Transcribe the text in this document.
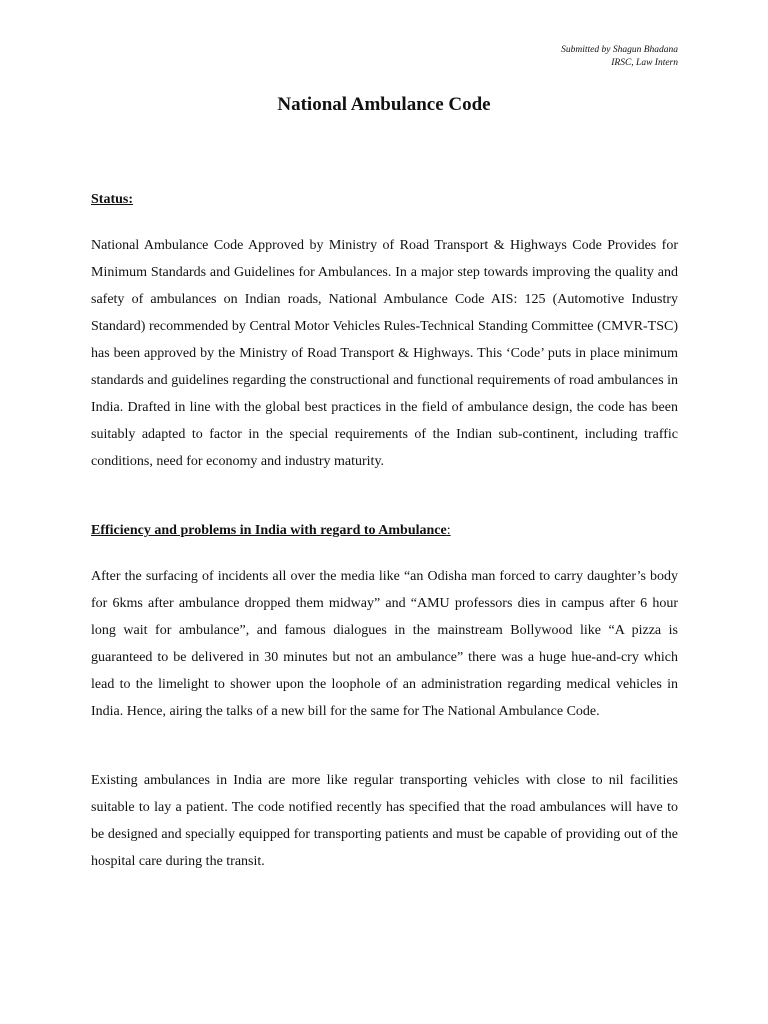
Submitted by Shagun Bhadana
IRSC, Law Intern
National Ambulance Code
Status:

National Ambulance Code Approved by Ministry of Road Transport & Highways Code Provides for Minimum Standards and Guidelines for Ambulances. In a major step towards improving the quality and safety of ambulances on Indian roads, National Ambulance Code AIS: 125 (Automotive Industry Standard) recommended by Central Motor Vehicles Rules-Technical Standing Committee (CMVR-TSC) has been approved by the Ministry of Road Transport & Highways. This ‘Code’ puts in place minimum standards and guidelines regarding the constructional and functional requirements of road ambulances in India. Drafted in line with the global best practices in the field of ambulance design, the code has been suitably adapted to factor in the special requirements of the Indian sub-continent, including traffic conditions, need for economy and industry maturity.

Efficiency and problems in India with regard to Ambulance:

After the surfacing of incidents all over the media like “an Odisha man forced to carry daughter’s body for 6kms after ambulance dropped them midway” and “AMU professors dies in campus after 6 hour long wait for ambulance”, and famous dialogues in the mainstream Bollywood like “A pizza is guaranteed to be delivered in 30 minutes but not an ambulance” there was a huge hue-and-cry which lead to the limelight to shower upon the loophole of an administration regarding medical vehicles in India. Hence, airing the talks of a new bill for the same for The National Ambulance Code.

Existing ambulances in India are more like regular transporting vehicles with close to nil facilities suitable to lay a patient. The code notified recently has specified that the road ambulances will have to be designed and specially equipped for transporting patients and must be capable of providing out of the hospital care during the transit.
